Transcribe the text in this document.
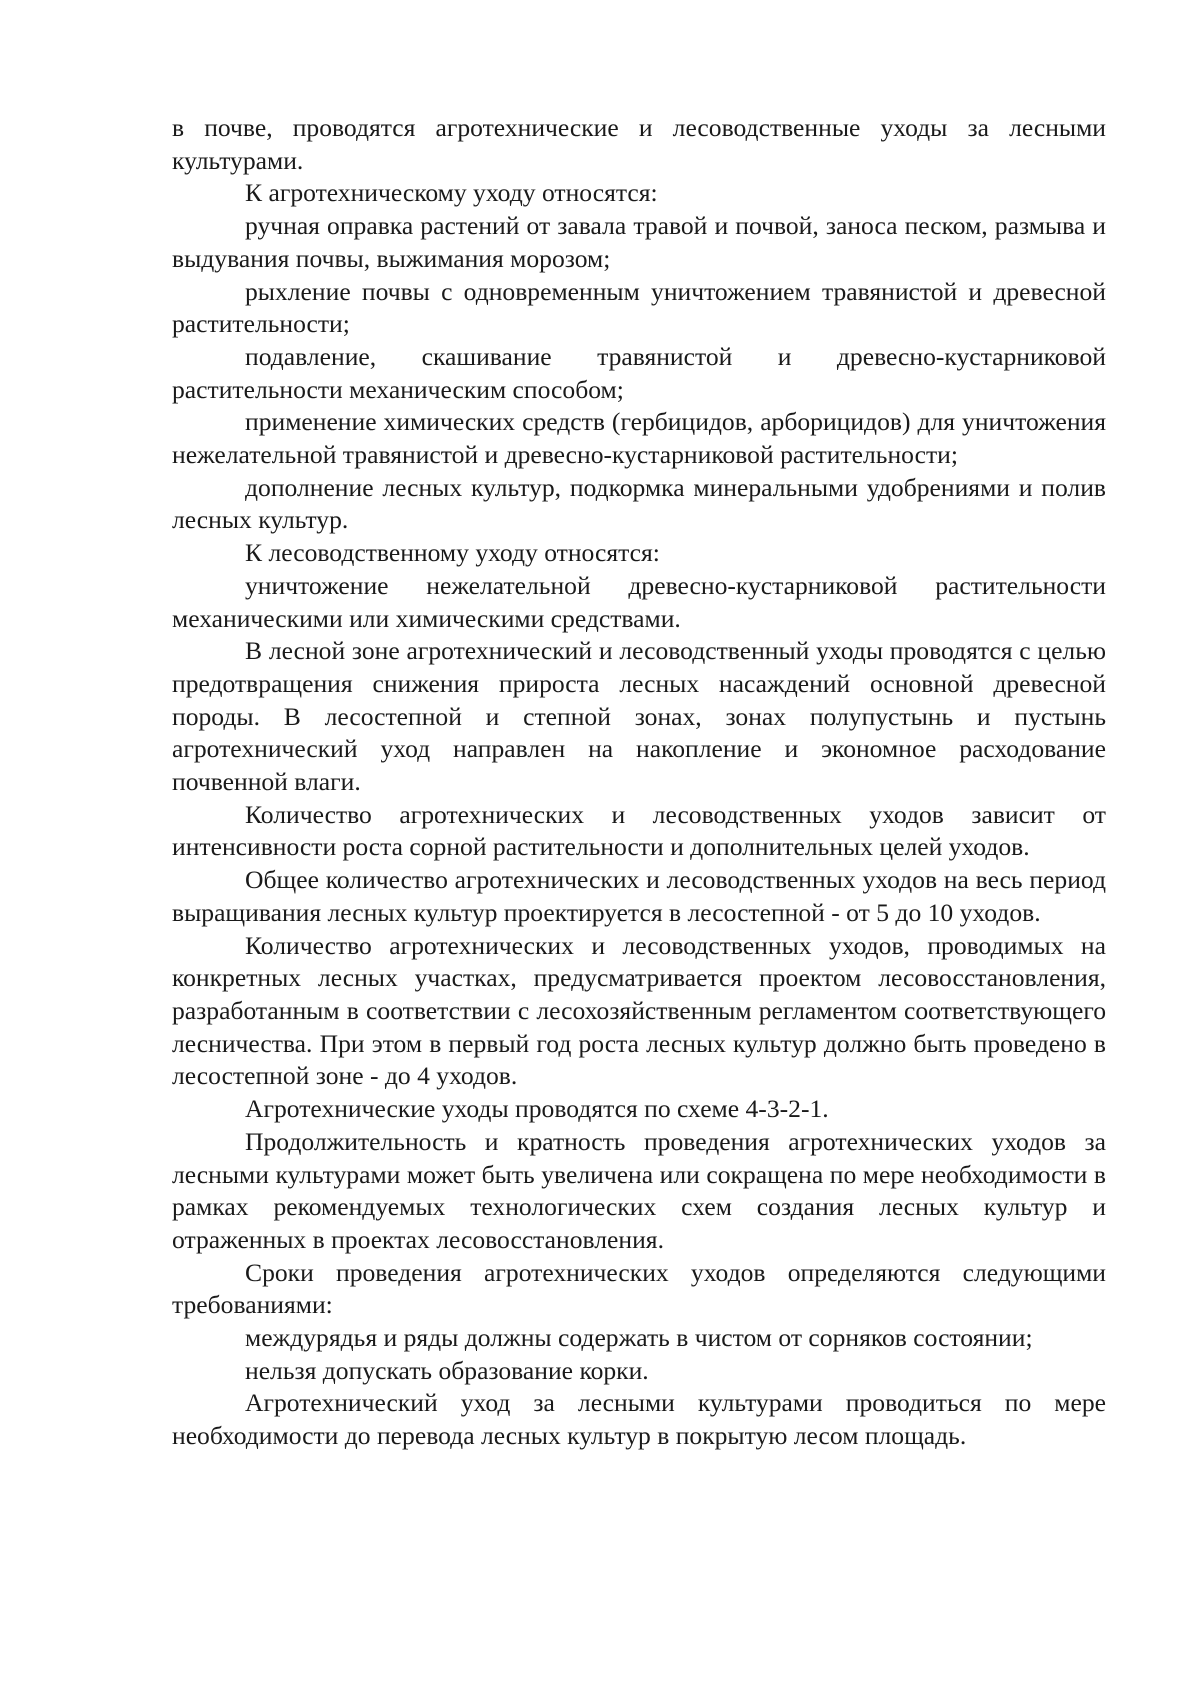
в почве, проводятся агротехнические и лесоводственные уходы за лесными культурами.

К агротехническому уходу относятся:

ручная оправка растений от завала травой и почвой, заноса песком, размыва и выдувания почвы, выжимания морозом;

рыхление почвы с одновременным уничтожением травянистой и древесной растительности;

подавление, скашивание травянистой и древесно-кустарниковой растительности механическим способом;

применение химических средств (гербицидов, арборицидов) для уничтожения нежелательной травянистой и древесно-кустарниковой растительности;

дополнение лесных культур, подкормка минеральными удобрениями и полив лесных культур.

К лесоводственному уходу относятся:

уничтожение нежелательной древесно-кустарниковой растительности механическими или химическими средствами.

В лесной зоне агротехнический и лесоводственный уходы проводятся с целью предотвращения снижения прироста лесных насаждений основной древесной породы. В лесостепной и степной зонах, зонах полупустынь и пустынь агротехнический уход направлен на накопление и экономное расходование почвенной влаги.

Количество агротехнических и лесоводственных уходов зависит от интенсивности роста сорной растительности и дополнительных целей уходов.

Общее количество агротехнических и лесоводственных уходов на весь период выращивания лесных культур проектируется в лесостепной - от 5 до 10 уходов.

Количество агротехнических и лесоводственных уходов, проводимых на конкретных лесных участках, предусматривается проектом лесовосстановления, разработанным в соответствии с лесохозяйственным регламентом соответствующего лесничества. При этом в первый год роста лесных культур должно быть проведено в лесостепной зоне - до 4 уходов.

Агротехнические уходы проводятся по схеме 4-3-2-1.

Продолжительность и кратность проведения агротехнических уходов за лесными культурами может быть увеличена или сокращена по мере необходимости в рамках рекомендуемых технологических схем создания лесных культур и отраженных в проектах лесовосстановления.

Сроки проведения агротехнических уходов определяются следующими требованиями:

междурядья и ряды должны содержать в чистом от сорняков состоянии;

нельзя допускать образование корки.

Агротехнический уход за лесными культурами проводиться по мере необходимости до перевода лесных культур в покрытую лесом площадь.
